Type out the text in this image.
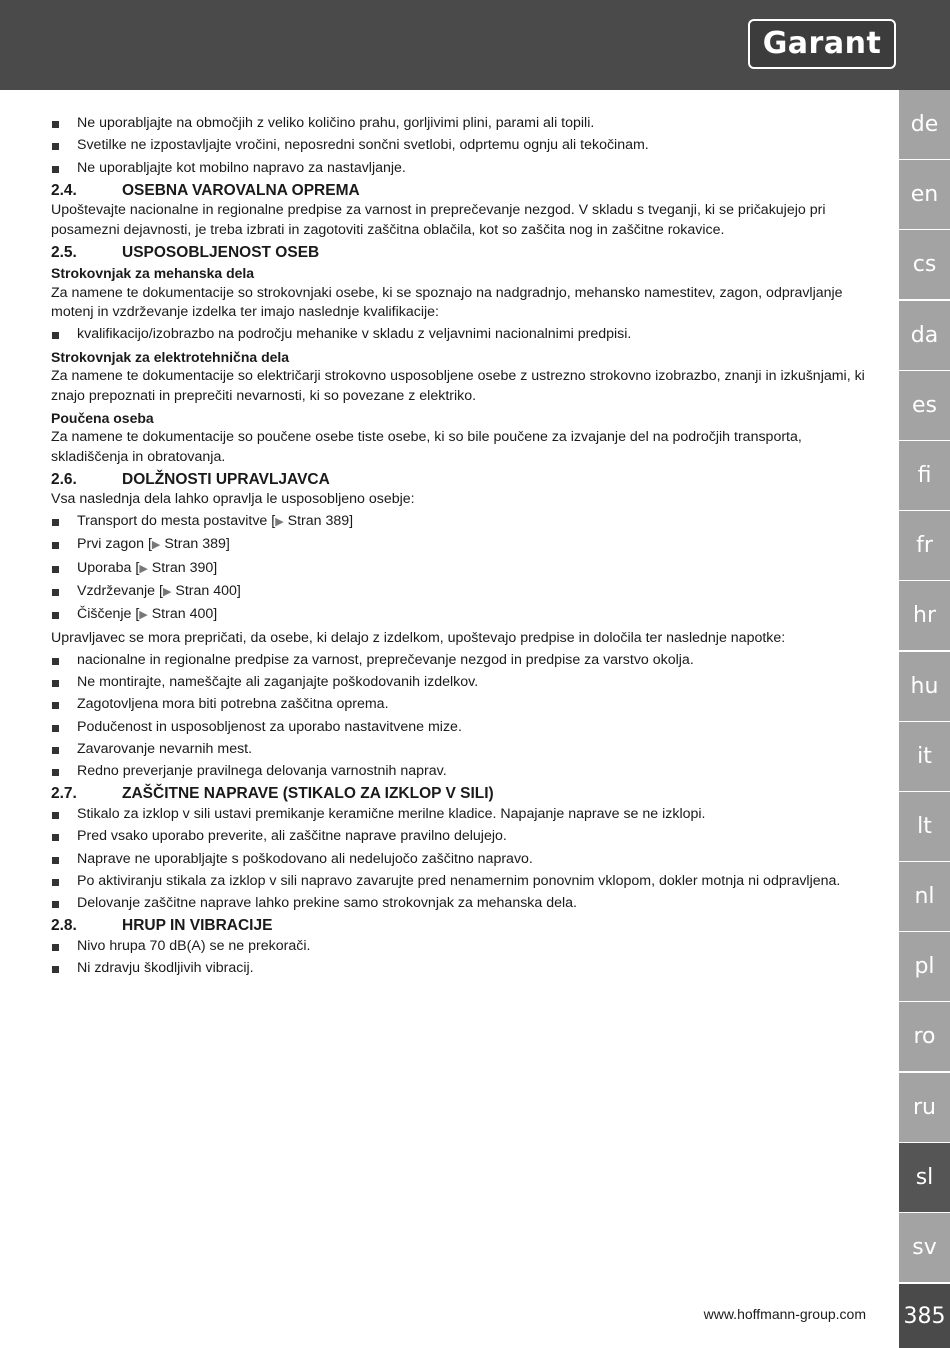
Garant
de
en
cs
da
es
fi
fr
hr
hu
it
lt
nl
pl
ro
ru
sl
sv
385
www.hoffmann-group.com
Ne uporabljajte na območjih z veliko količino prahu, gorljivimi plini, parami ali topili.
Svetilke ne izpostavljajte vročini, neposredni sončni svetlobi, odprtemu ognju ali tekočinam.
Ne uporabljajte kot mobilno napravo za nastavljanje.
2.4.	OSEBNA VAROVALNA OPREMA
Upoštevajte nacionalne in regionalne predpise za varnost in preprečevanje nezgod. V skladu s tveganji, ki se pričakujejo pri posamezni dejavnosti, je treba izbrati in zagotoviti zaščitna oblačila, kot so zaščita nog in zaščitne rokavice.
2.5.	USPOSOBLJENOST OSEB
Strokovnjak za mehanska dela
Za namene te dokumentacije so strokovnjaki osebe, ki se spoznajo na nadgradnjo, mehansko namestitev, zagon, odpravljanje motenj in vzdrževanje izdelka ter imajo naslednje kvalifikacije:
kvalifikacijo/izobrazbo na področju mehanike v skladu z veljavnimi nacionalnimi predpisi.
Strokovnjak za elektrotehnična dela
Za namene te dokumentacije so električarji strokovno usposobljene osebe z ustrezno strokovno izobrazbo, znanji in izkušnjami, ki znajo prepoznati in preprečiti nevarnosti, ki so povezane z elektriko.
Poučena oseba
Za namene te dokumentacije so poučene osebe tiste osebe, ki so bile poučene za izvajanje del na področjih transporta, skladiščenja in obratovanja.
2.6.	DOLŽNOSTI UPRAVLJAVCA
Vsa naslednja dela lahko opravlja le usposobljeno osebje:
Transport do mesta postavitve [▶ Stran 389]
Prvi zagon [▶ Stran 389]
Uporaba [▶ Stran 390]
Vzdrževanje [▶ Stran 400]
Čiščenje [▶ Stran 400]
Upravljavec se mora prepričati, da osebe, ki delajo z izdelkom, upoštevajo predpise in določila ter naslednje napotke:
nacionalne in regionalne predpise za varnost, preprečevanje nezgod in predpise za varstvo okolja.
Ne montirajte, nameščajte ali zaganjajte poškodovanih izdelkov.
Zagotovljena mora biti potrebna zaščitna oprema.
Podučenost in usposobljenost za uporabo nastavitvene mize.
Zavarovanje nevarnih mest.
Redno preverjanje pravilnega delovanja varnostnih naprav.
2.7.	ZAŠČITNE NAPRAVE (STIKALO ZA IZKLOP V SILI)
Stikalo za izklop v sili ustavi premikanje keramične merilne kladice. Napajanje naprave se ne izklopi.
Pred vsako uporabo preverite, ali zaščitne naprave pravilno delujejo.
Naprave ne uporabljajte s poškodovano ali nedelujočo zaščitno napravo.
Po aktiviranju stikala za izklop v sili napravo zavarujte pred nenamernim ponovnim vklopom, dokler motnja ni odpravljena.
Delovanje zaščitne naprave lahko prekine samo strokovnjak za mehanska dela.
2.8.	HRUP IN VIBRACIJE
Nivo hrupa 70 dB(A) se ne prekorači.
Ni zdravju škodljivih vibracij.
